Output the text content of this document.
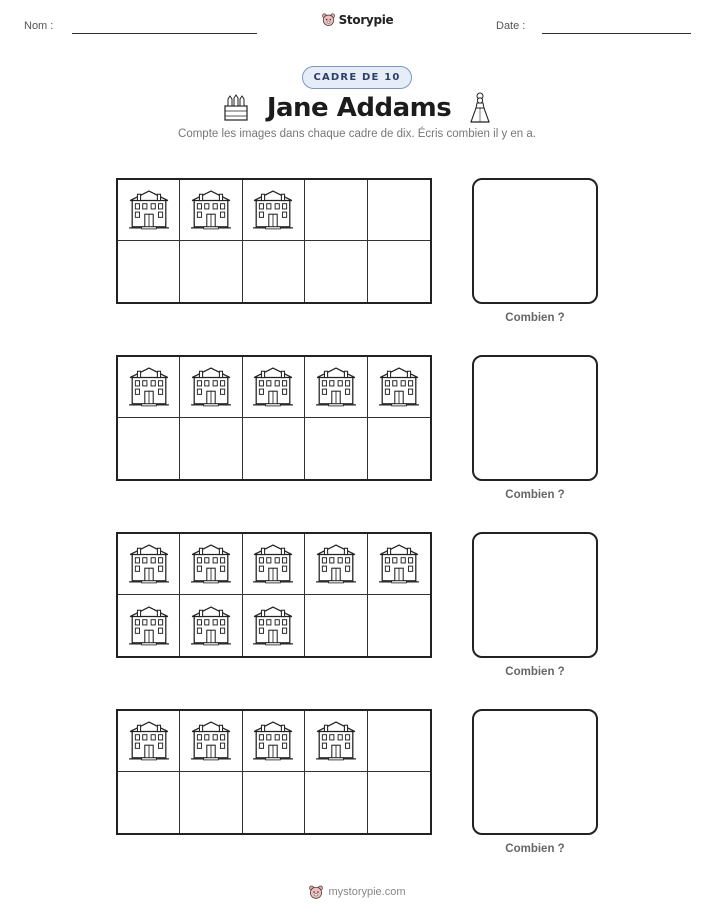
Nom :	Date :
Storypie
CADRE DE 10
Jane Addams
Compte les images dans chaque cadre de dix. Écris combien il y en a.
Combien ?
Combien ?
Combien ?
Combien ?
mystorypie.com
